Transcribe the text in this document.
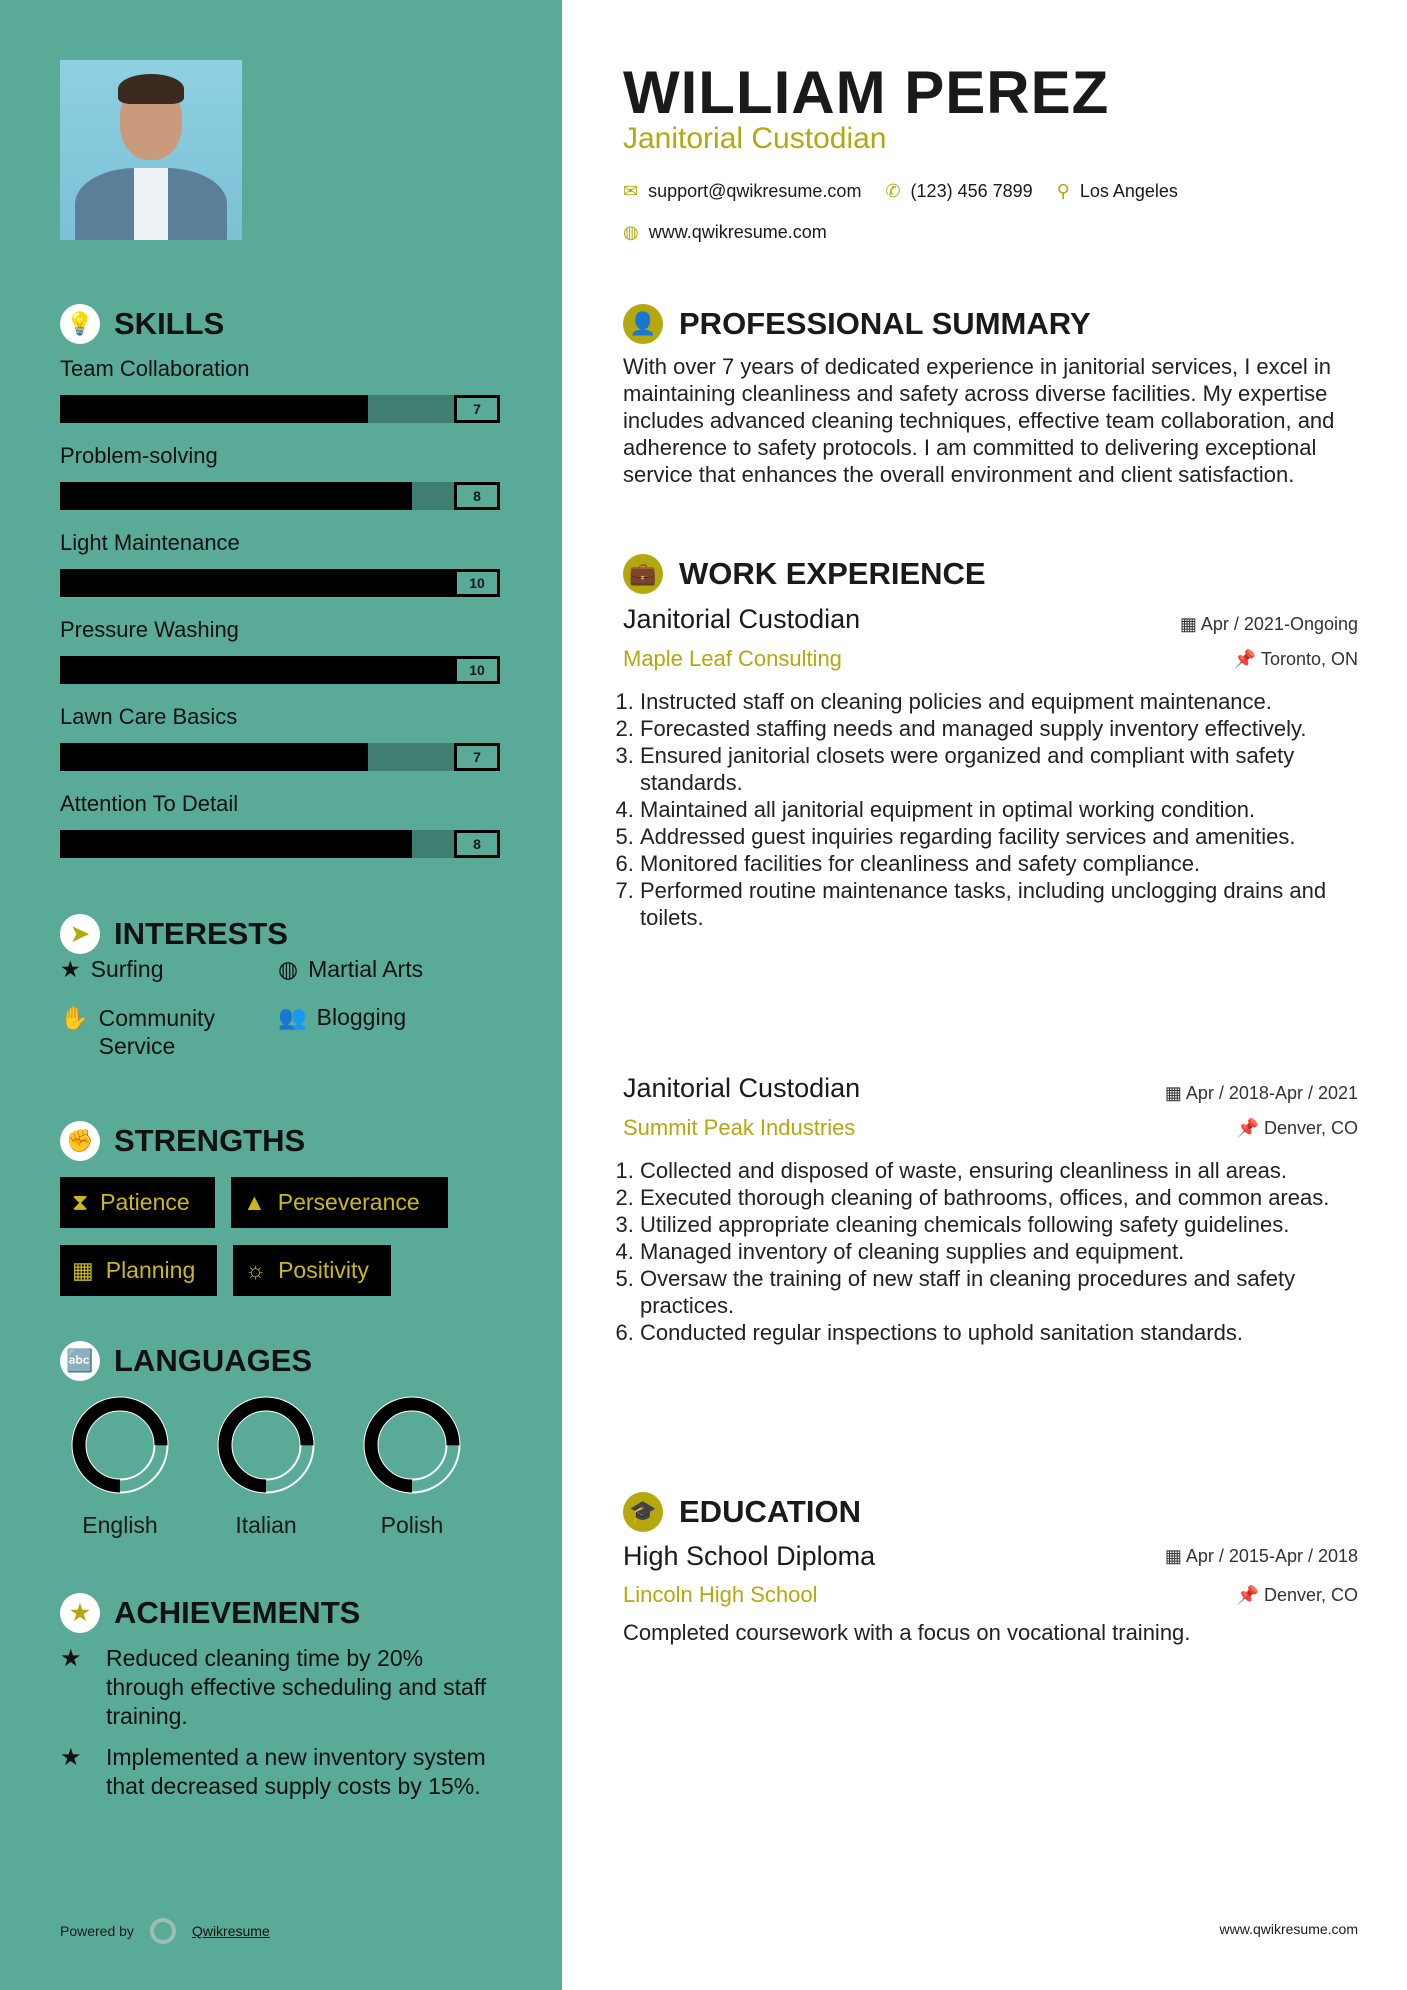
💡 SKILLS
➤ INTERESTS
★ Surfing	◍ Martial Arts
✋ Community Service
👥 Blogging
✊ STRENGTHS
⧗ Patience ▲ Perseverance
▦ Planning ☼ Positivity
🔤 LANGUAGES
★ ACHIEVEMENTS
★	Reduced cleaning time by 20% through effective scheduling and staff training.
★	Implemented a new inventory system that decreased supply costs by 15%.
Powered by	Qwikresume
Team Collaboration
7
Problem-solving
8
Light Maintenance
10
Pressure Washing
10
Lawn Care Basics
7
Attention To Detail
8
English	Italian	Polish
WILLIAM PEREZ
Janitorial Custodian
✉ support@qwikresume.com ✆ (123) 456 7899 ⚲ Los Angeles
◍ www.qwikresume.com
👤 PROFESSIONAL SUMMARY
With over 7 years of dedicated experience in janitorial services, I excel in maintaining cleanliness and safety across diverse facilities. My expertise includes advanced cleaning techniques, effective team collaboration, and adherence to safety protocols. I am committed to delivering exceptional service that enhances the overall environment and client satisfaction.
💼 WORK EXPERIENCE
Janitorial Custodian	▦ Apr / 2021-Ongoing
Maple Leaf Consulting	📌 Toronto, ON
1. Instructed staff on cleaning policies and equipment maintenance.
2. Forecasted staffing needs and managed supply inventory effectively.
3. Ensured janitorial closets were organized and compliant with safety standards.
4. Maintained all janitorial equipment in optimal working condition.
5. Addressed guest inquiries regarding facility services and amenities.
6. Monitored facilities for cleanliness and safety compliance.
7. Performed routine maintenance tasks, including unclogging drains and toilets.
Janitorial Custodian	▦ Apr / 2018-Apr / 2021
Summit Peak Industries	📌 Denver, CO
1. Collected and disposed of waste, ensuring cleanliness in all areas.
2. Executed thorough cleaning of bathrooms, offices, and common areas.
3. Utilized appropriate cleaning chemicals following safety guidelines.
4. Managed inventory of cleaning supplies and equipment.
5. Oversaw the training of new staff in cleaning procedures and safety practices.
6. Conducted regular inspections to uphold sanitation standards.
🎓 EDUCATION
High School Diploma	▦ Apr / 2015-Apr / 2018
Lincoln High School	📌 Denver, CO
Completed coursework with a focus on vocational training.
www.qwikresume.com
